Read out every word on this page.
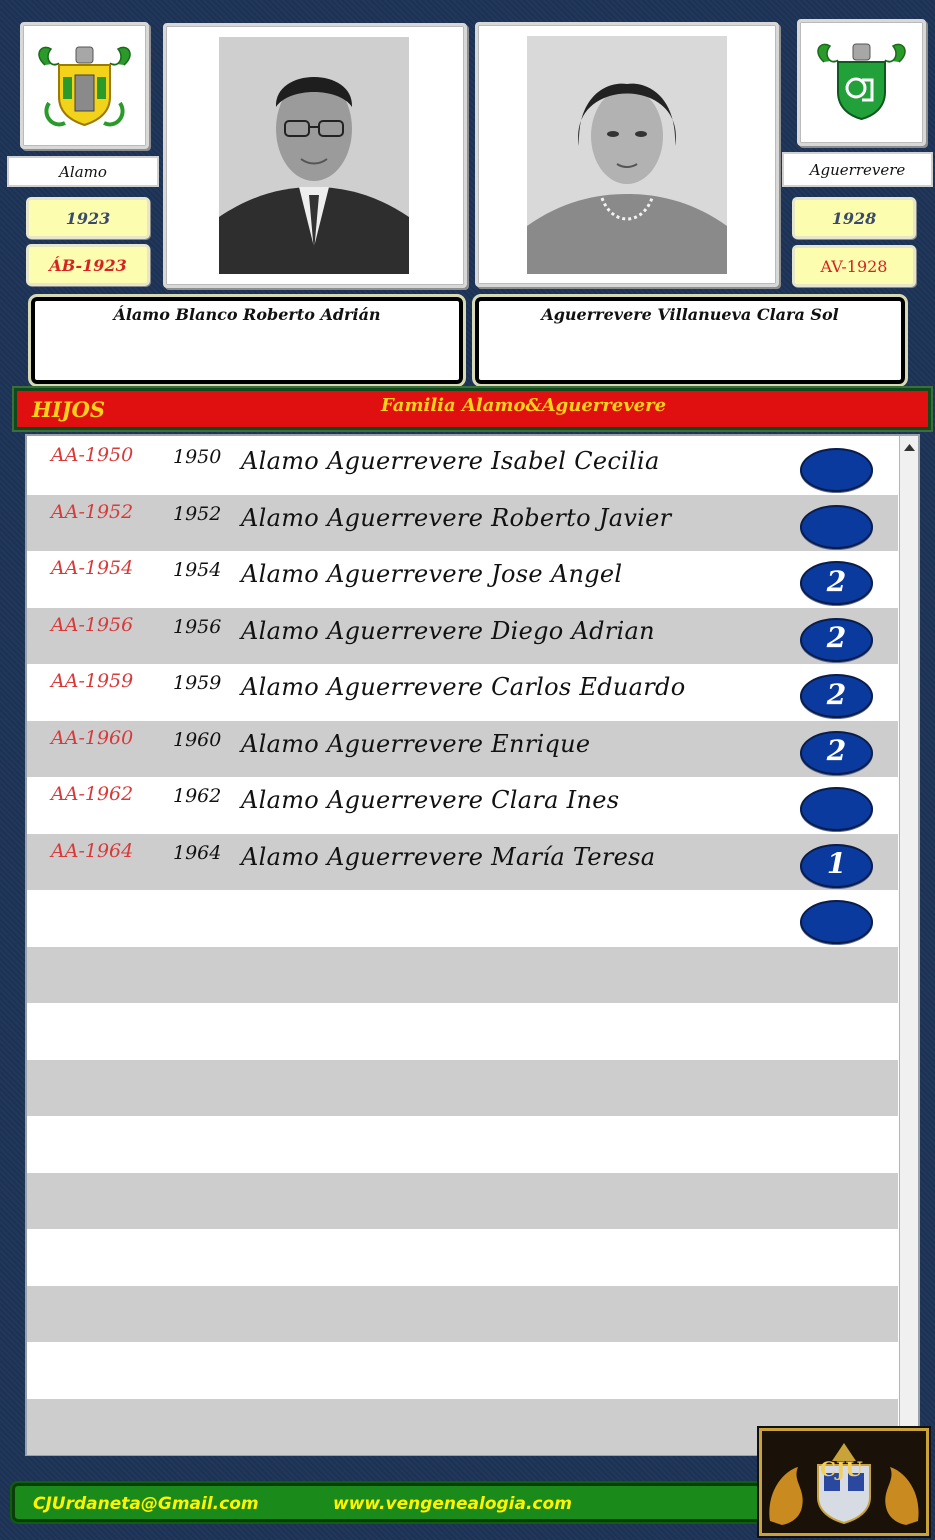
Alamo
1923
ÁB-1923
Aguerrevere
1928
AV-1928
Álamo Blanco Roberto Adrián	Aguerrevere Villanueva Clara Sol
HIJOS	Familia Alamo&Aguerrevere
AA-1950 1950 Alamo Aguerrevere Isabel Cecilia
AA-1952 1952 Alamo Aguerrevere Roberto Javier
AA-1954 1954 Alamo Aguerrevere Jose Angel	2
AA-1956 1956 Alamo Aguerrevere Diego Adrian	2
AA-1959 1959 Alamo Aguerrevere Carlos Eduardo	2
AA-1960 1960 Alamo Aguerrevere Enrique	2
AA-1962 1962 Alamo Aguerrevere Clara Ines
AA-1964 1964 Alamo Aguerrevere María Teresa	1
CJUrdaneta@Gmail.com	www.vengenealogia.com
CJU
